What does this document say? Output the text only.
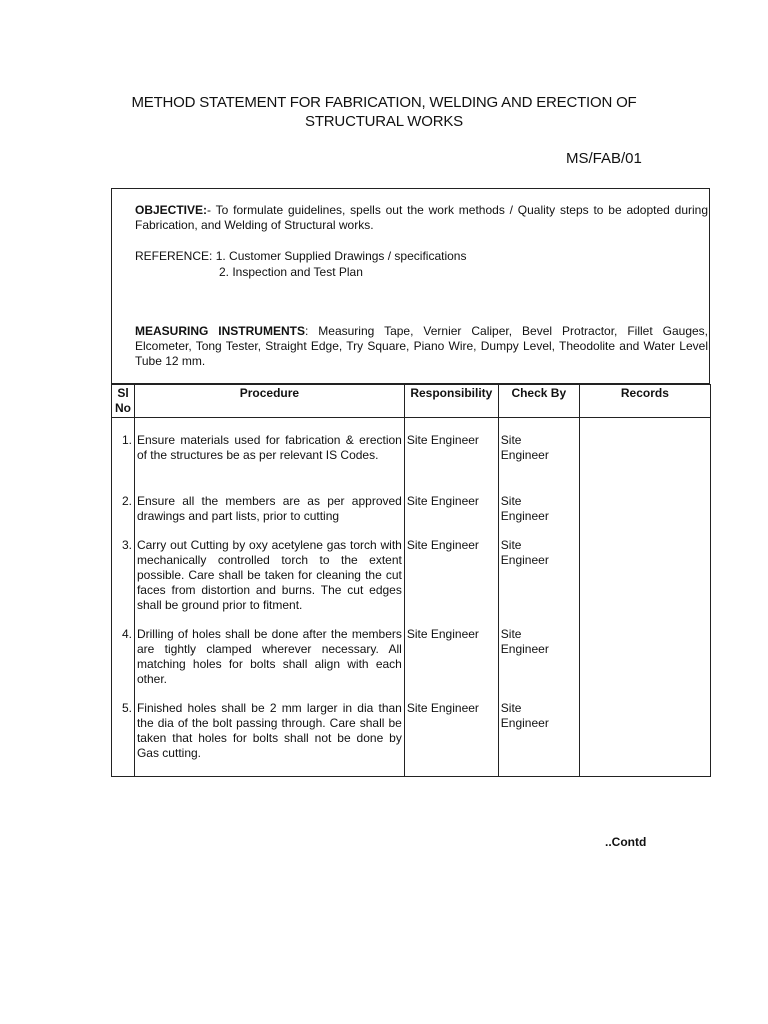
METHOD STATEMENT FOR FABRICATION, WELDING AND ERECTION OF
STRUCTURAL WORKS
MS/FAB/01
OBJECTIVE:- To formulate guidelines, spells out the work methods / Quality steps to be adopted during Fabrication, and Welding of Structural works.
REFERENCE: 1. Customer Supplied Drawings / specifications
2. Inspection and Test Plan
MEASURING INSTRUMENTS: Measuring Tape, Vernier Caliper, Bevel Protractor, Fillet Gauges, Elcometer, Tong Tester, Straight Edge, Try Square, Piano Wire, Dumpy Level, Theodolite and Water Level Tube 12 mm.
Sl No	Procedure	Responsibility	Check By	Records
1.	Ensure materials used for fabrication & erection of the structures be as per relevant IS Codes.	Site Engineer	Site Engineer	
2.	Ensure all the members are as per approved drawings and part lists, prior to cutting	Site Engineer	Site Engineer	
3.	Carry out Cutting by oxy acetylene gas torch with mechanically controlled torch to the extent possible. Care shall be taken for cleaning the cut faces from distortion and burns. The cut edges shall be ground prior to fitment.	Site Engineer	Site Engineer	
4.	Drilling of holes shall be done after the members are tightly clamped wherever necessary. All matching holes for bolts shall align with each other.	Site Engineer	Site Engineer	
5.	Finished holes shall be 2 mm larger in dia than the dia of the bolt passing through. Care shall be taken that holes for bolts shall not be done by Gas cutting.	Site Engineer	Site Engineer	
..Contd
